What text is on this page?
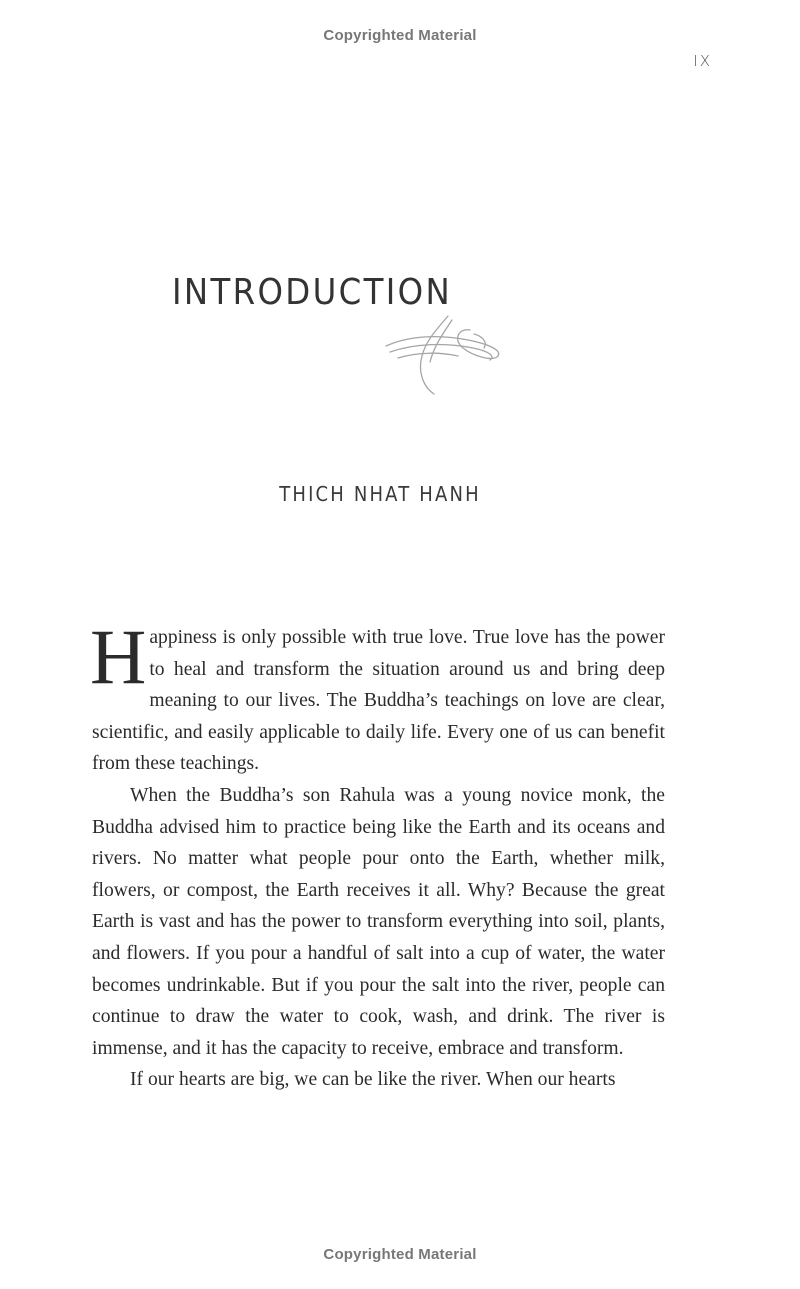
Copyrighted Material
IX
INTRODUCTION
THICH NHAT HANH

Happiness is only possible with true love. True love has the power to heal and transform the situation around us and bring deep meaning to our lives. The Buddha’s teachings on love are clear, scientific, and easily applicable to daily life. Every one of us can benefit from these teachings.

When the Buddha’s son Rahula was a young novice monk, the Buddha advised him to practice being like the Earth and its oceans and rivers. No matter what people pour onto the Earth, whether milk, flowers, or compost, the Earth receives it all. Why? Because the great Earth is vast and has the power to transform everything into soil, plants, and flowers. If you pour a handful of salt into a cup of water, the water becomes undrinkable. But if you pour the salt into the river, people can continue to draw the water to cook, wash, and drink. The river is immense, and it has the capacity to receive, embrace and transform.

If our hearts are big, we can be like the river. When our hearts

Copyrighted Material
